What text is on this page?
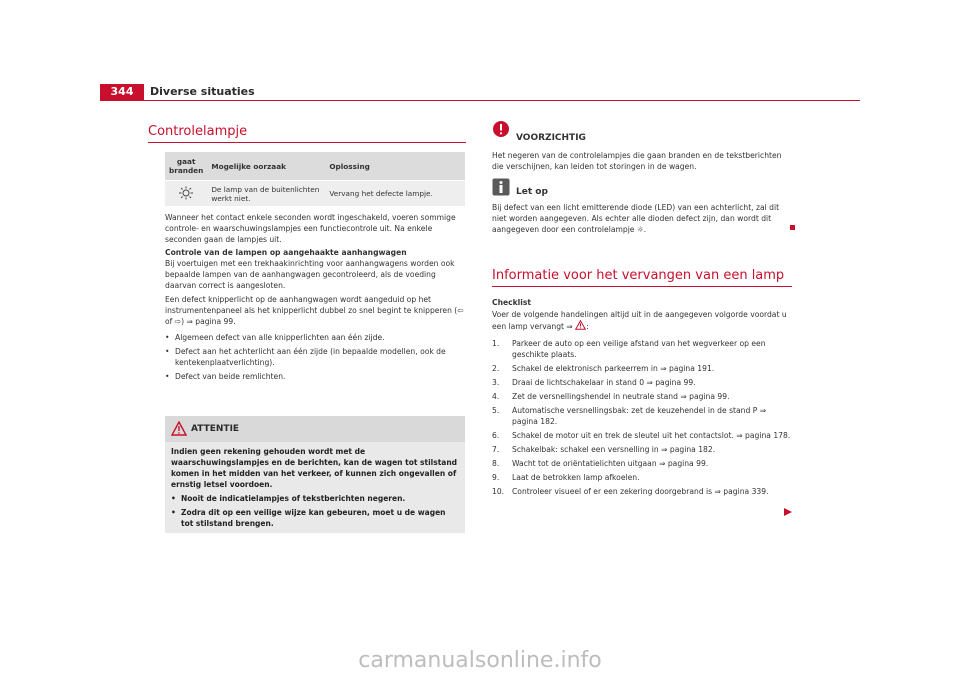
344	Diverse situaties
Controlelampje
gaat branden	Mogelijke oorzaak	Oplossing
	De lamp van de buitenlichten werkt niet.	Vervang het defecte lampje.

Wanneer het contact enkele seconden wordt ingeschakeld, voeren sommige controle- en waarschuwingslampjes een functiecontrole uit. Na enkele seconden gaan de lampjes uit.

Controle van de lampen op aangehaakte aanhangwagen

Bij voertuigen met een trekhaakinrichting voor aanhangwagens worden ook bepaalde lampen van de aanhangwagen gecontroleerd, als de voeding daarvan correct is aangesloten.

Een defect knipperlicht op de aanhangwagen wordt aangeduid op het instrumentenpaneel als het knipperlicht dubbel zo snel begint te knipperen (⇦ of ⇨) ⇒ pagina 99.

• Algemeen defect van alle knipperlichten aan één zijde.

• Defect aan het achterlicht aan één zijde (in bepaalde modellen, ook de kentekenplaatverlichting).

• Defect van beide remlichten.

ATTENTIE

Indien geen rekening gehouden wordt met de waarschuwingslampjes en de berichten, kan de wagen tot stilstand komen in het midden van het verkeer, of kunnen zich ongevallen of ernstig letsel voordoen.

• Nooit de indicatielampjes of tekstberichten negeren.

• Zodra dit op een veilige wijze kan gebeuren, moet u de wagen tot stilstand brengen.

VOORZICHTIG
Het negeren van de controlelampjes die gaan branden en de tekstberichten die verschijnen, kan leiden tot storingen in de wagen.
Let op
Bij defect van een licht emitterende diode (LED) van een achterlicht, zal dit niet worden aangegeven. Als echter alle dioden defect zijn, dan wordt dit aangegeven door een controlelampje ☼.
Informatie voor het vervangen van een lamp

Checklist

Voer de volgende handelingen altijd uit in de aangegeven volgorde voordat u een lamp vervangt ⇒ :

1. Parkeer de auto op een veilige afstand van het wegverkeer op een geschikte plaats.
2. Schakel de elektronisch parkeerrem in ⇒ pagina 191.
3. Draai de lichtschakelaar in stand 0 ⇒ pagina 99.
4. Zet de versnellingshendel in neutrale stand ⇒ pagina 99.
5. Automatische versnellingsbak: zet de keuzehendel in de stand P ⇒ pagina 182.
6. Schakel de motor uit en trek de sleutel uit het contactslot. ⇒ pagina 178.
7. Schakelbak: schakel een versnelling in ⇒ pagina 182.
8. Wacht tot de oriëntatielichten uitgaan ⇒ pagina 99.
9. Laat de betrokken lamp afkoelen.
10. Controleer visueel of er een zekering doorgebrand is ⇒ pagina 339.
carmanualsonline.info
